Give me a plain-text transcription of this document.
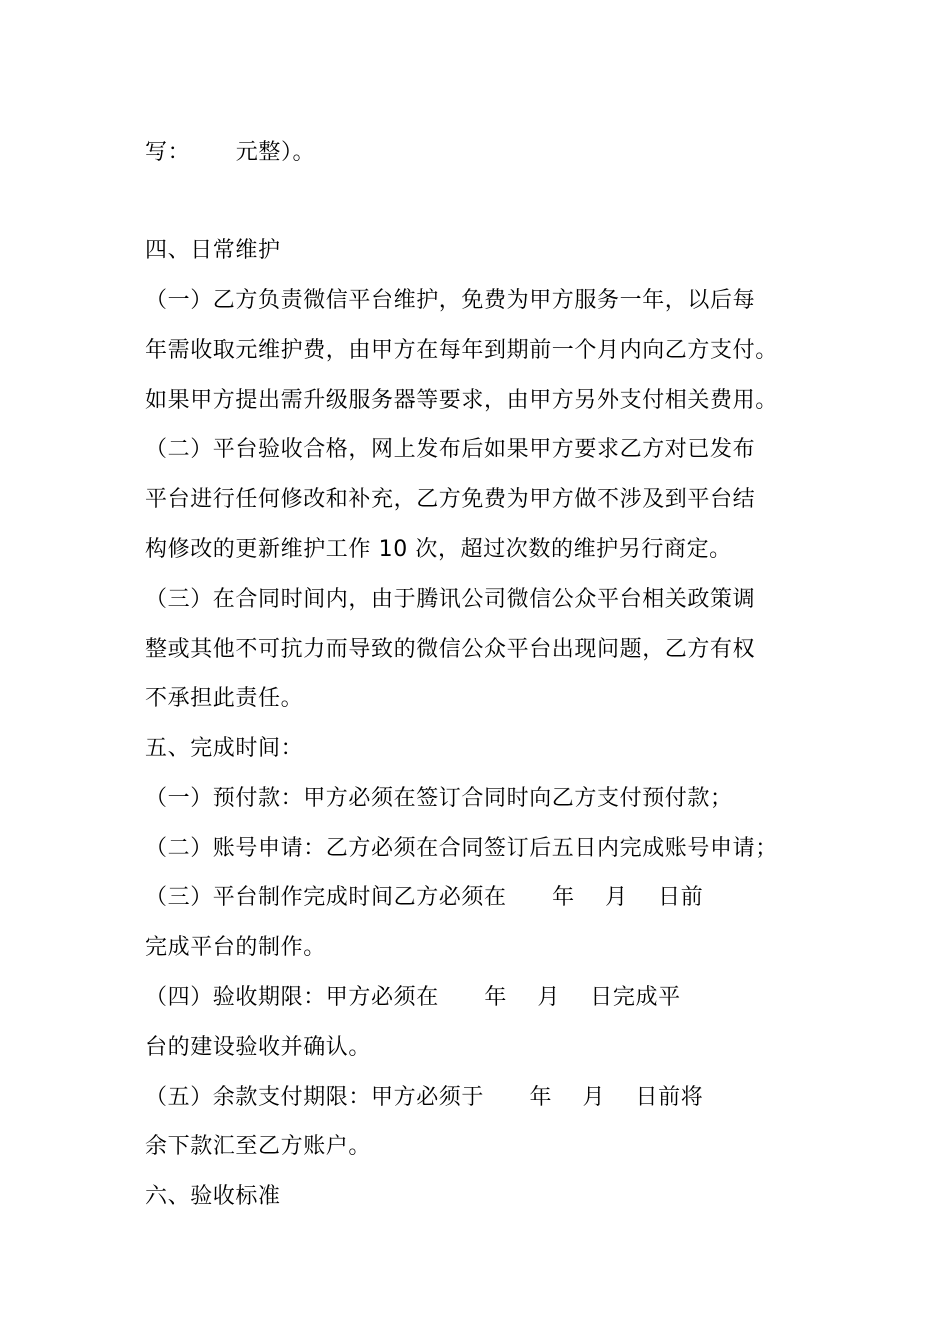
写：      元整）。
四、日常维护
（一）乙方负责微信平台维护，免费为甲方服务一年，以后每
年需收取元维护费，由甲方在每年到期前一个月内向乙方支付。
如果甲方提出需升级服务器等要求，由甲方另外支付相关费用。
（二）平台验收合格，网上发布后如果甲方要求乙方对已发布
平台进行任何修改和补充，乙方免费为甲方做不涉及到平台结
构修改的更新维护工作 10 次，超过次数的维护另行商定。
（三）在合同时间内，由于腾讯公司微信公众平台相关政策调
整或其他不可抗力而导致的微信公众平台出现问题，乙方有权
不承担此责任。
五、完成时间：
（一）预付款：甲方必须在签订合同时向乙方支付预付款；
（二）账号申请：乙方必须在合同签订后五日内完成账号申请；
（三）平台制作完成时间乙方必须在      年    月    日前
完成平台的制作。
（四）验收期限：甲方必须在      年    月    日完成平
台的建设验收并确认。
（五）余款支付期限：甲方必须于      年    月    日前将
余下款汇至乙方账户。
六、验收标准
